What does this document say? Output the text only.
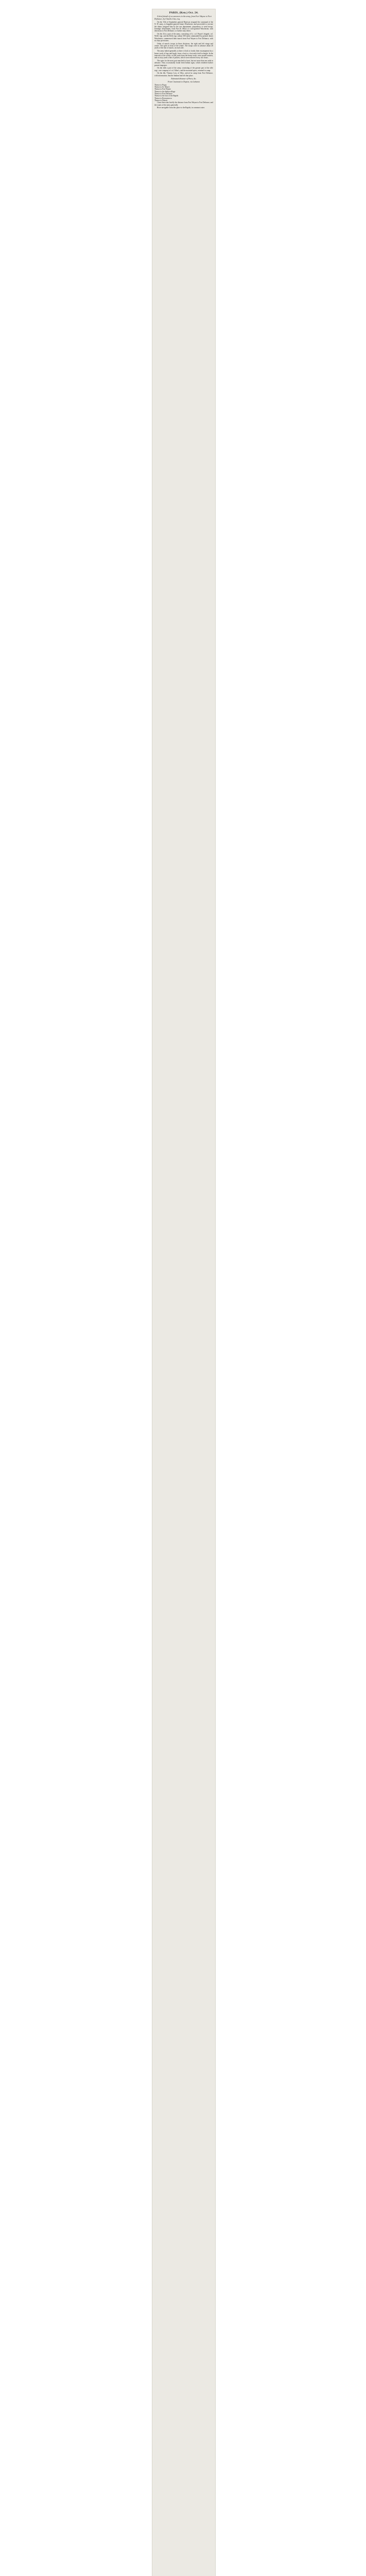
PARIS, (Ken.) Oct. 24.
A brief detail of occurrences in the army, from Fort Wayne to Fort Defiance, by Charles Gist, esq.
On the 15th of September general Harrison resigned the command of the N. W. army, to brigadier-general James Winchester, and proceeded to execute the duties assigned him by the war department, preparatory to send troops. Jennings' detachment, from Fort St. Mary's to west-general Winchester, with directions to Fort Defiance, or further may direct.
On the 21st a part of the army, consisting of Lt. col. Payne's brigade, col. Wells' regt. and the Rifle regt. (about 500 men) commanded by general James Winchester, commenced their march from Fort Wayne to Fort Defiance, with six days provisions.
Order of march: troops in three divisions, the right and left wings and centre. The spies in front of the whole. The troops were in advance about 20 yards of the line of march, on each side.
The army halted generally at three o'clock to fortify their encampment by a breast work of logs and brush, from a foot to a foot and a half in height. In the intervals of the works, at 200 yards from the breast work, were posted sentries, and at sixty yards a line of pickets, which were relieved every two hours.
The spies for the most part marched in front, but not more than one mile in advance. They occasionally found fresh Indian signs, which rendered further pursuit improper.
On the 24th a part of the army, consisting of the greater part of the rifle regt., one company of col. Allen's, and the mounted spies, returned to camp.
On the 4th, Thomas Low, of Ohio, arrived at camp from Fort Defiance, with information, that the Indians had left that place.
Estimated distance of Paris, &c.
From Cincinnati to Dayton, via Lebanon
Thence to Piqua
Thence to St. Mary's
Thence to Fort Wayne
Thence to the Indian village
Thence to Fort Defiance
Thence to the foot of the Rapids
Thence to Brownstown
Thence to Detroit
I have been into briefly the distance from Fort Wayne to Fort Defiance, and the wants of the army generally.
River navigable from this place to the Rapids, in common water.
